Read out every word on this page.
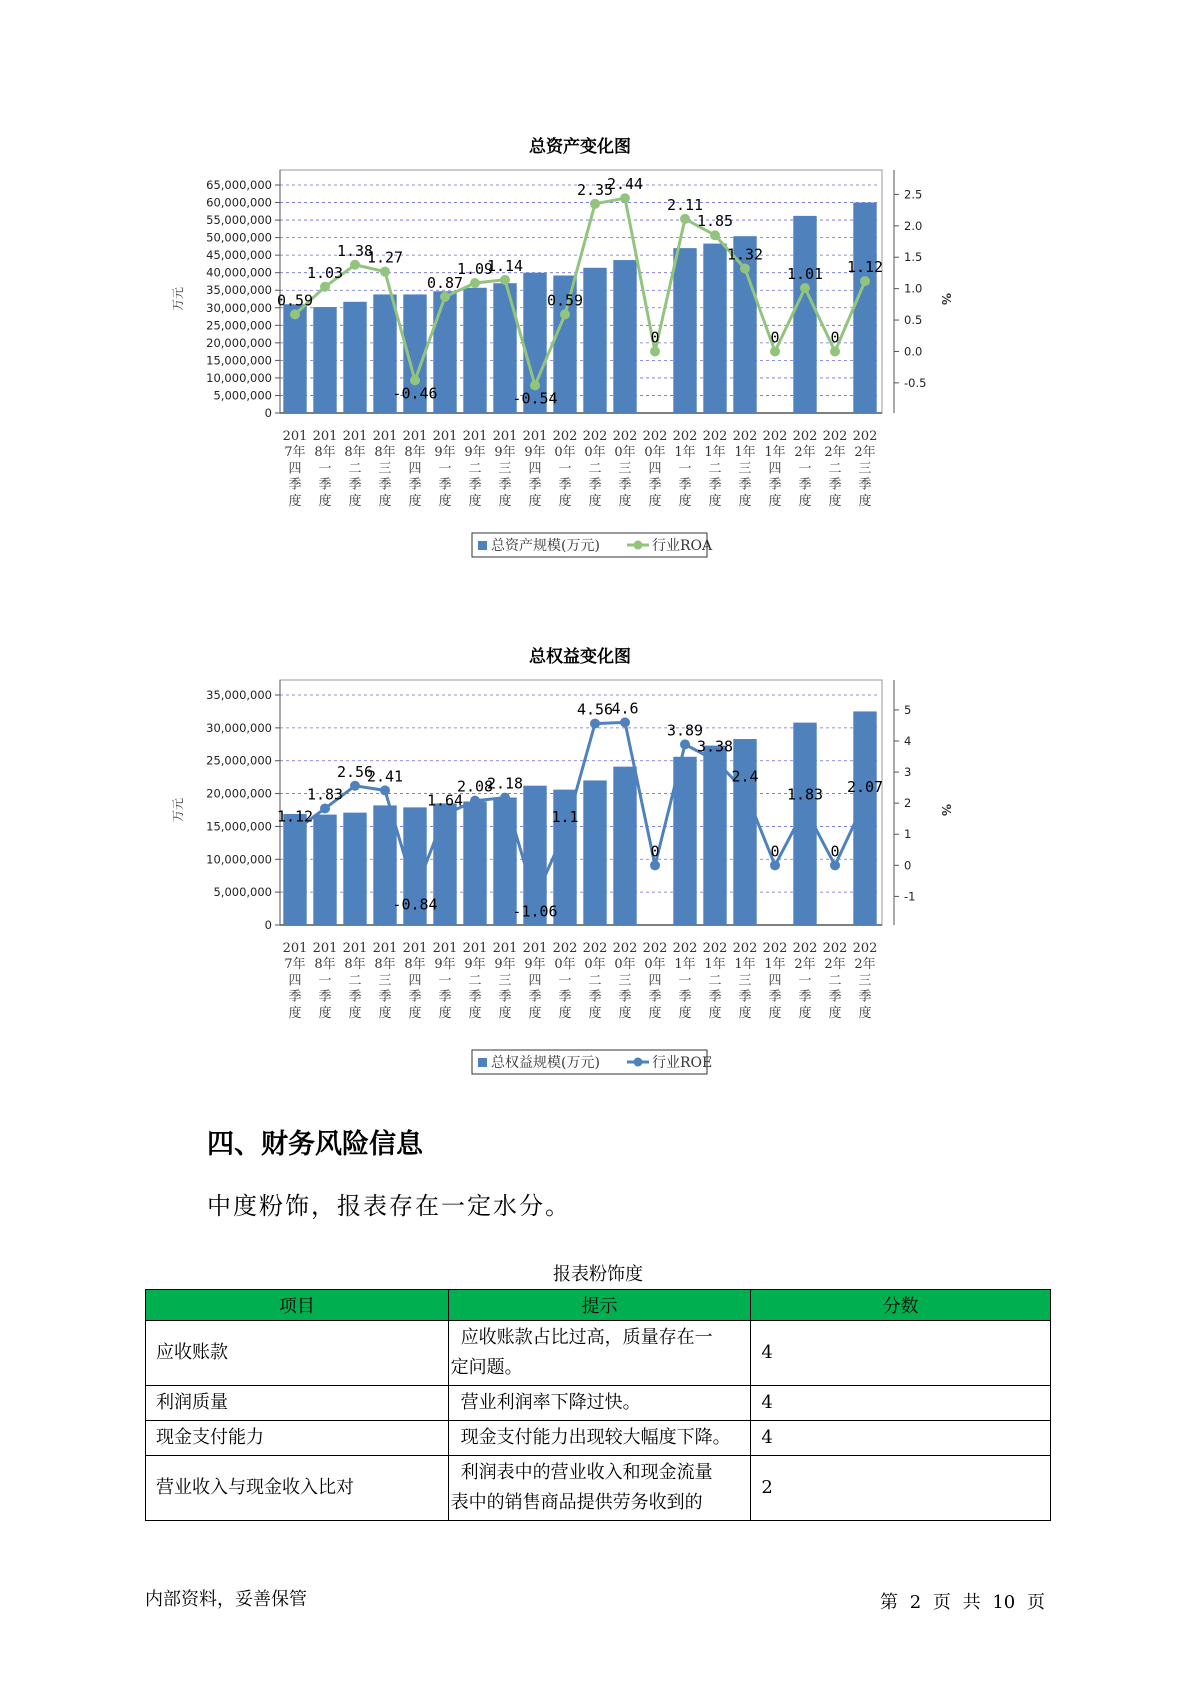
总资产变化图
0
5,000,000
10,000,000
15,000,000
20,000,000
25,000,000
30,000,000
35,000,000
40,000,000
45,000,000
50,000,000
55,000,000
60,000,000
65,000,000
万元
-0.5
0.0
0.5
1.0
1.5
2.0
2.5
%
201
7年
四
季
度
201
8年
一
季
度
201
8年
二
季
度
201
8年
三
季
度
201
8年
四
季
度
201
9年
一
季
度
201
9年
二
季
度
201
9年
三
季
度
201
9年
四
季
度
202
0年
一
季
度
202
0年
二
季
度
202
0年
三
季
度
202
0年
四
季
度
202
1年
一
季
度
202
1年
二
季
度
202
1年
三
季
度
202
1年
四
季
度
202
2年
一
季
度
202
2年
二
季
度
202
2年
三
季
度
0.59
1.03
1.38
1.27
-0.46
0.87
1.09
1.14
-0.54
0.59
2.35
2.44
0
2.11
1.85
1.32
0
1.01
0
1.12
总资产规模(万元)	行业ROA
总权益变化图
0
5,000,000
10,000,000
15,000,000
20,000,000
25,000,000
30,000,000
35,000,000
万元
-1
0
1
2
3
4
5
%
201
7年
四
季
度
201
8年
一
季
度
201
8年
二
季
度
201
8年
三
季
度
201
8年
四
季
度
201
9年
一
季
度
201
9年
二
季
度
201
9年
三
季
度
201
9年
四
季
度
202
0年
一
季
度
202
0年
二
季
度
202
0年
三
季
度
202
0年
四
季
度
202
1年
一
季
度
202
1年
二
季
度
202
1年
三
季
度
202
1年
四
季
度
202
2年
一
季
度
202
2年
二
季
度
202
2年
三
季
度
1.12
1.83
2.56
2.41
-0.84
1.64
2.08
2.18
-1.06
1.1
4.56
4.6
0
3.89
3.38
2.4
0
1.83
0
2.07
总权益规模(万元)	行业ROE
四、财务风险信息

中度粉饰，报表存在一定水分。

报表粉饰度

项目	提示	分数
应收账款	应收账款占比过高，质量存在一
定问题。	4
利润质量	营业利润率下降过快。	4
现金支付能力	现金支付能力出现较大幅度下降。	4
营业收入与现金收入比对	利润表中的营业收入和现金流量
表中的销售商品提供劳务收到的	2

内部资料，妥善保管	第 2 页 共 10 页
